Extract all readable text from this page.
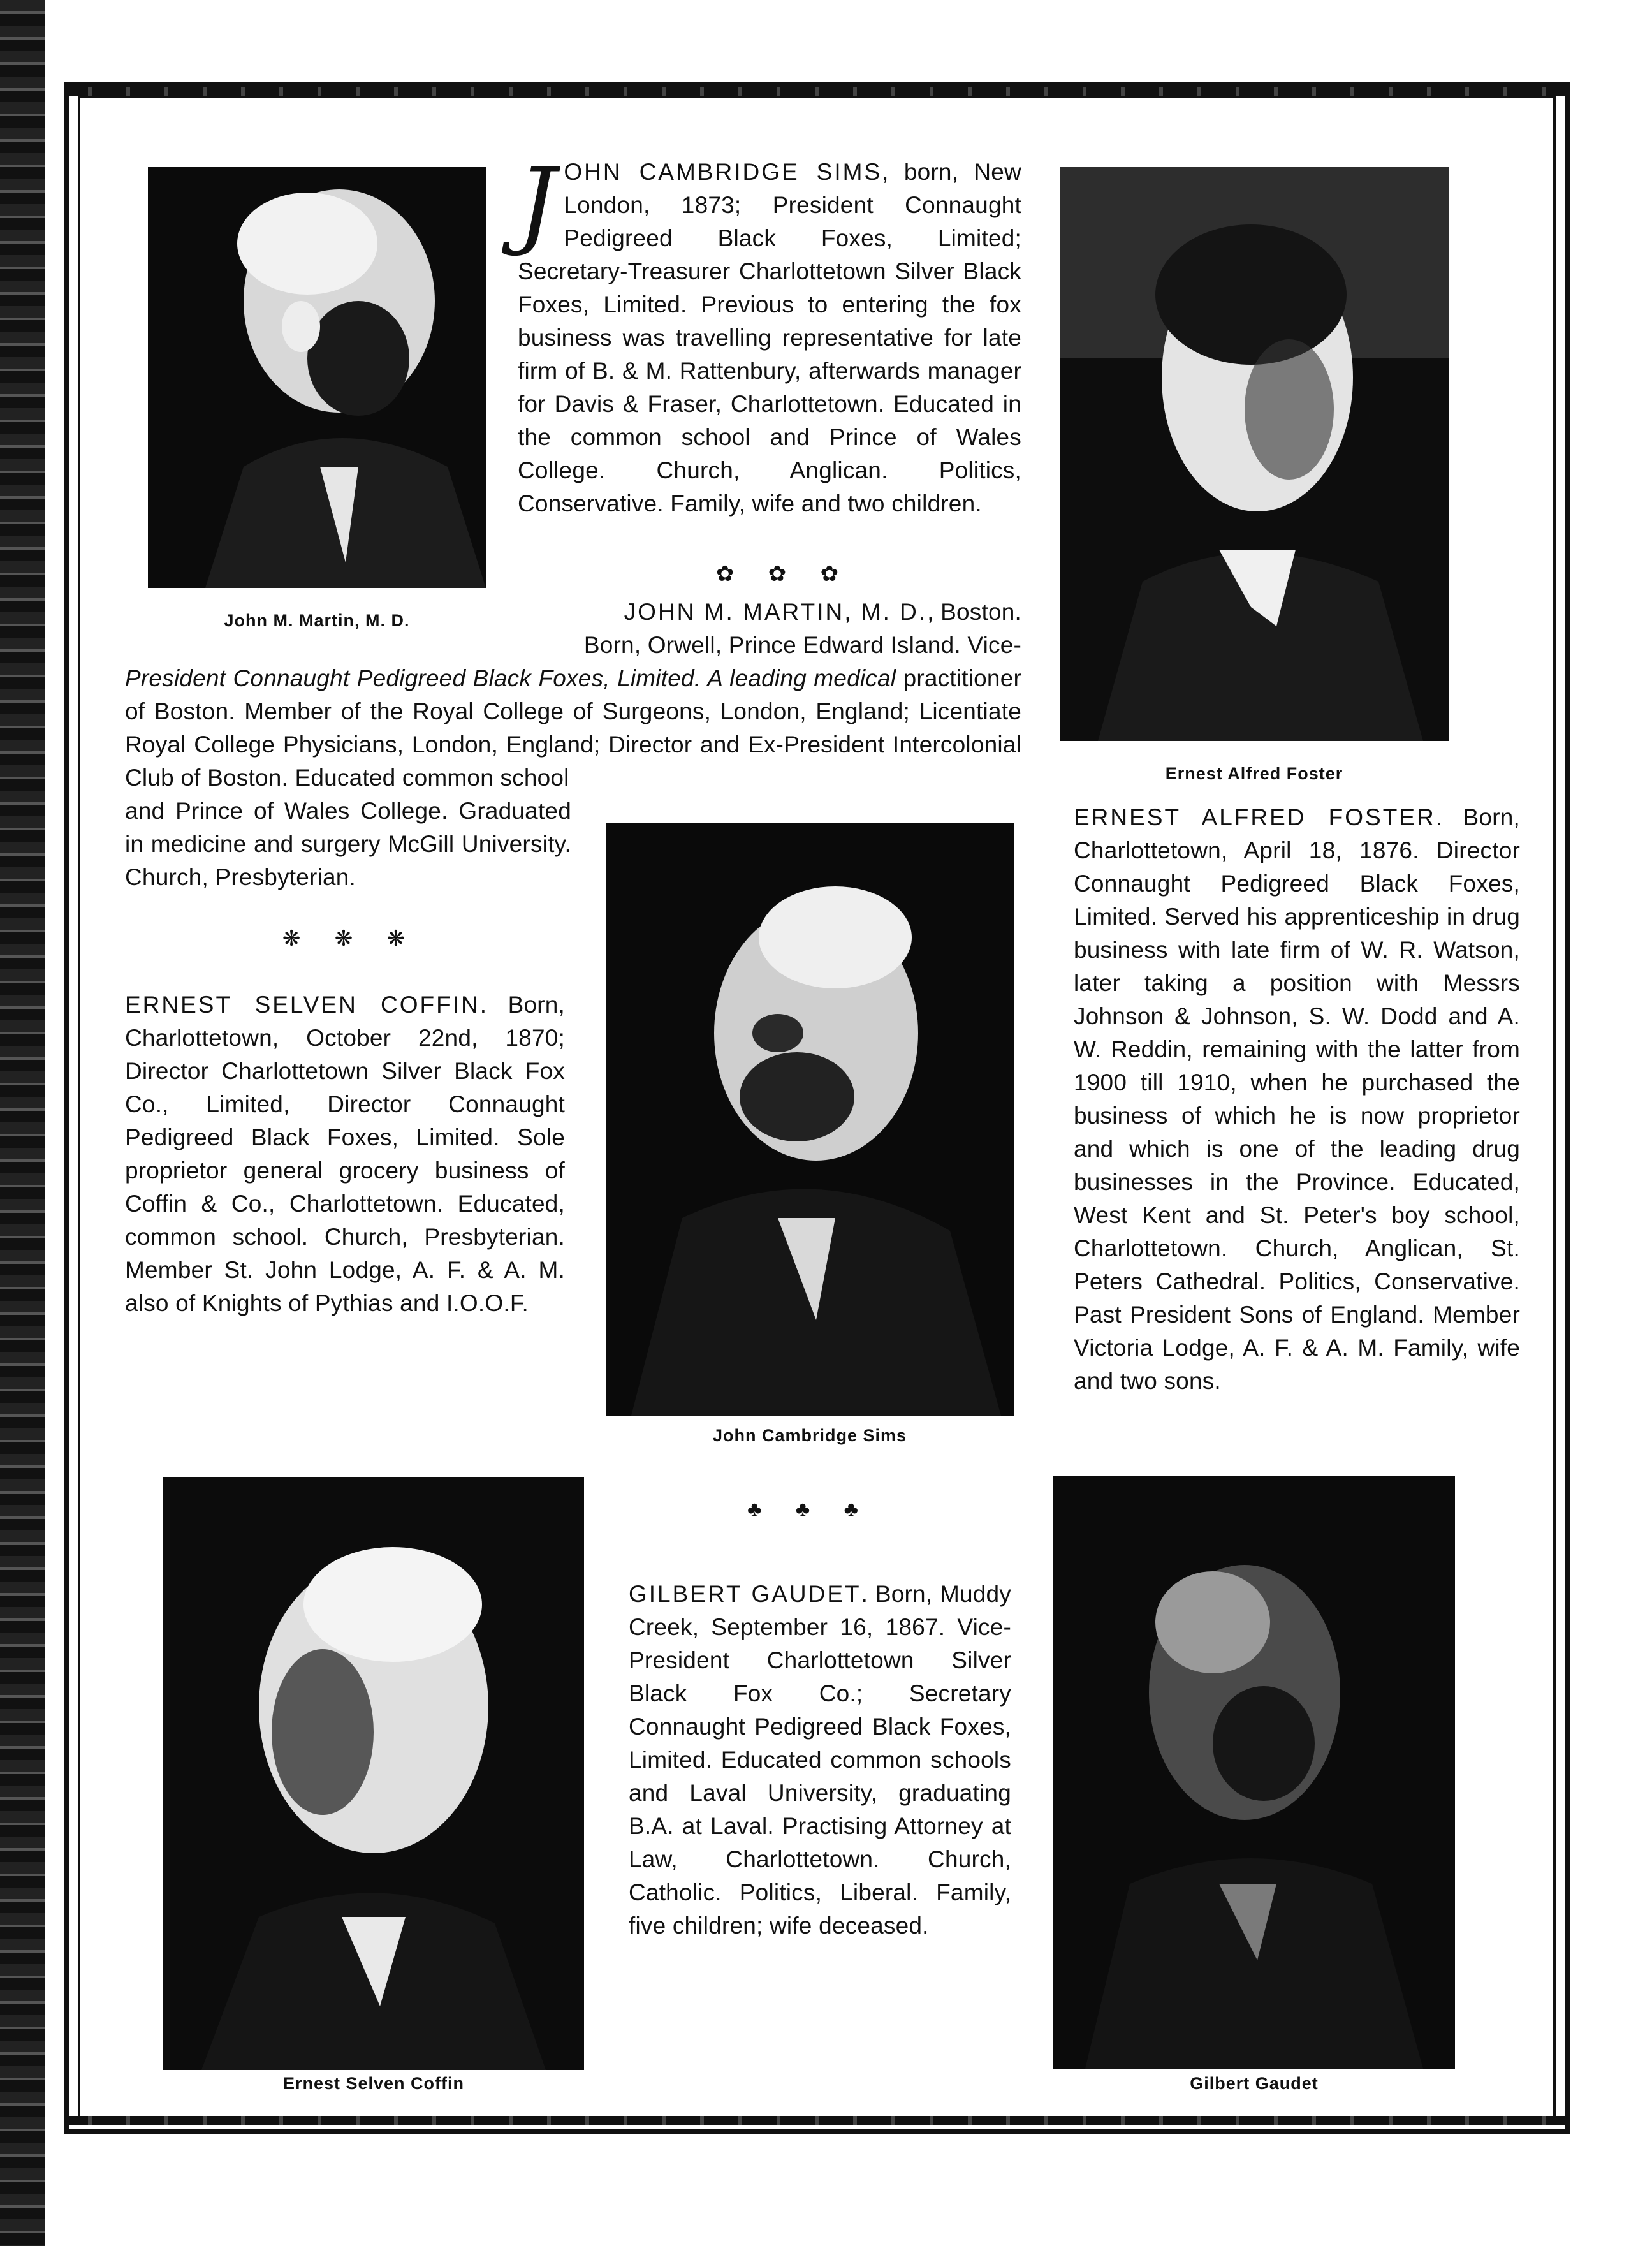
John M. Martin, M. D.
Ernest Alfred Foster
John Cambridge Sims
Ernest Selven Coffin	Gilbert Gaudet
JOHN CAMBRIDGE SIMS, born, New London, 1873; President Connaught Pedigreed Black Foxes, Limited; Secretary-Treasurer Charlottetown Silver Black Foxes, Limited. Previous to entering the fox business was travelling representative for late firm of B. & M. Rattenbury, afterwards manager for Davis & Fraser, Charlottetown. Educated in the common school and Prince of Wales College. Church, Anglican. Politics, Conservative. Family, wife and two children.
✿ ✿ ✿
JOHN M. MARTIN, M. D., Boston.
Born, Orwell, Prince Edward Island. Vice-
President Connaught Pedigreed Black Foxes, Limited. A leading medical practitioner of Boston. Member of the Royal College of Surgeons, London, England; Licentiate Royal College Physicians, London, England; Director and Ex-President Intercolonial Club of Boston. Educated common school
and Prince of Wales College. Graduated in medicine and surgery McGill University. Church, Presbyterian.
❋ ❋ ❋
ERNEST SELVEN COFFIN. Born, Charlottetown, October 22nd, 1870; Director Charlottetown Silver Black Fox Co., Limited, Director Connaught Pedigreed Black Foxes, Limited. Sole proprietor general grocery business of Coffin & Co., Charlottetown. Educated, common school. Church, Presbyterian. Member St. John Lodge, A. F. & A. M. also of Knights of Pythias and I.O.O.F.
ERNEST ALFRED FOSTER. Born, Charlottetown, April 18, 1876. Director Connaught Pedigreed Black Foxes, Limited. Served his apprenticeship in drug business with late firm of W. R. Watson, later taking a position with Messrs Johnson & Johnson, S. W. Dodd and A. W. Reddin, remaining with the latter from 1900 till 1910, when he purchased the business of which he is now proprietor and which is one of the leading drug businesses in the Province. Educated, West Kent and St. Peter's boy school, Charlottetown. Church, Anglican, St. Peters Cathedral. Politics, Conservative. Past President Sons of England. Member Victoria Lodge, A. F. & A. M. Family, wife and two sons.
♣ ♣ ♣
GILBERT GAUDET. Born, Muddy Creek, September 16, 1867. Vice-President Charlottetown Silver Black Fox Co.; Secretary Connaught Pedigreed Black Foxes, Limited. Educated common schools and Laval University, graduating B.A. at Laval. Practising Attorney at Law, Charlottetown. Church, Catholic. Politics, Liberal. Family, five children; wife deceased.
